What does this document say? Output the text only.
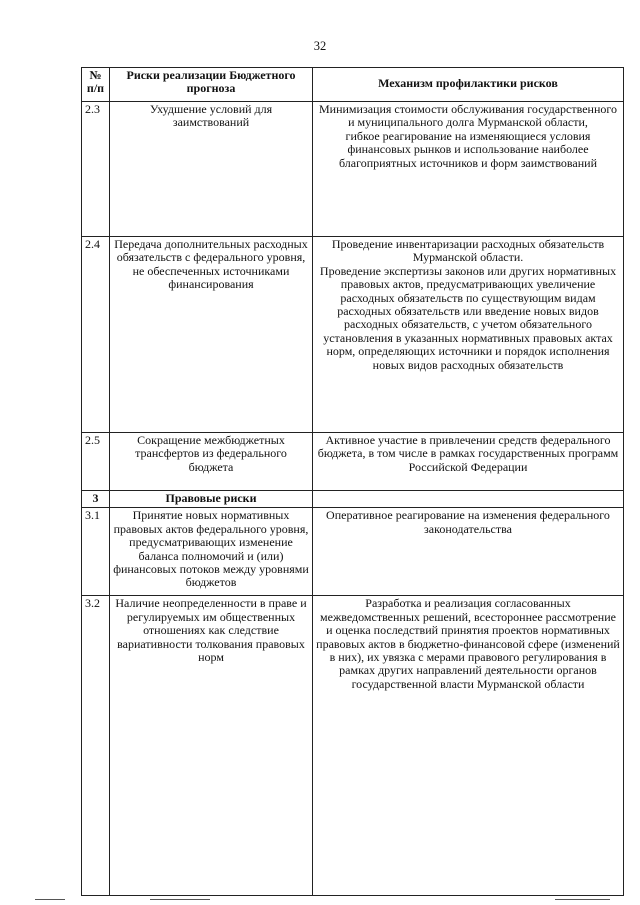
32
№ п/п	Риски реализации Бюджетного прогноза	Механизм профилактики рисков
2.3	Ухудшение условий для заимствований	Минимизация стоимости обслуживания государственного и муниципального долга Мурманской области,
гибкое реагирование на изменяющиеся условия финансовых рынков и использование наиболее благоприятных источников и форм заимствований
2.4	Передача дополнительных расходных обязательств с федерального уровня, не обеспеченных источниками финансирования	Проведение инвентаризации расходных обязательств Мурманской области.
Проведение экспертизы законов или других нормативных правовых актов, предусматривающих увеличение расходных обязательств по существующим видам расходных обязательств или введение новых видов расходных обязательств, с учетом обязательного установления в указанных нормативных правовых актах норм, определяющих источники и порядок исполнения новых видов расходных обязательств
2.5	Сокращение межбюджетных трансфертов из федерального бюджета	Активное участие в привлечении средств федерального бюджета, в том числе в рамках государственных программ Российской Федерации
3	Правовые риски	
3.1	Принятие новых нормативных правовых актов федерального уровня, предусматривающих изменение баланса полномочий и (или) финансовых потоков между уровнями бюджетов	Оперативное реагирование на изменения федерального законодательства
3.2	Наличие неопределенности в праве и регулируемых им общественных отношениях как следствие вариативности толкования правовых норм	Разработка и реализация согласованных межведомственных решений, всестороннее рассмотрение и оценка последствий принятия проектов нормативных правовых актов в бюджетно-финансовой сфере (изменений в них), их увязка с мерами правового регулирования в рамках других направлений деятельности органов государственной власти Мурманской области
